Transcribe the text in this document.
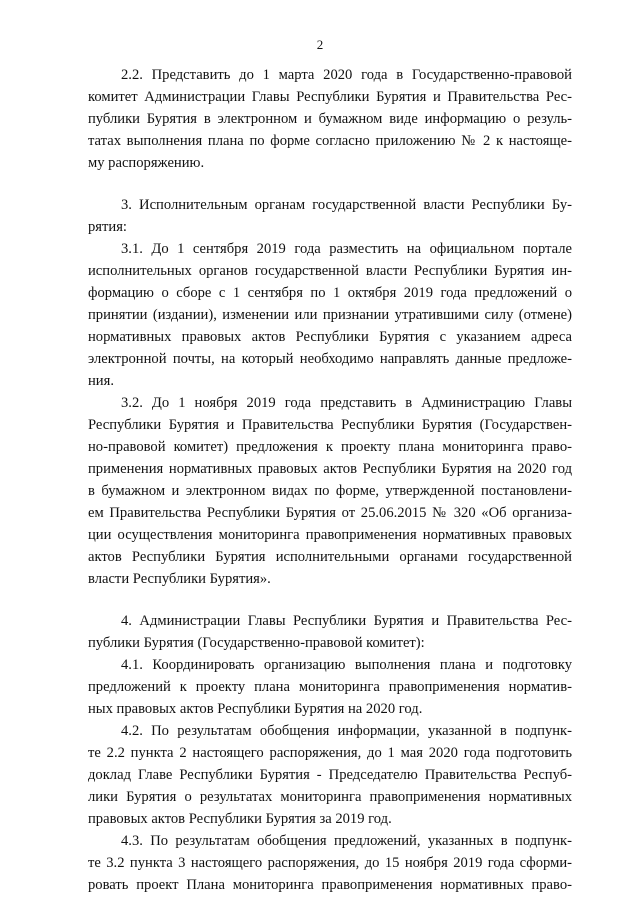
2
2.2. Представить до 1 марта 2020 года в Государственно-правовой
комитет Администрации Главы Республики Бурятия и Правительства Рес-
публики Бурятия в электронном и бумажном виде информацию о резуль-
татах выполнения плана по форме согласно приложению № 2 к настояще-
му распоряжению.
3. Исполнительным органам государственной власти Республики Бу-
рятия:
3.1. До 1 сентября 2019 года разместить на официальном портале
исполнительных органов государственной власти Республики Бурятия ин-
формацию о сборе с 1 сентября по 1 октября 2019 года предложений о
принятии (издании), изменении или признании утратившими силу (отмене)
нормативных правовых актов Республики Бурятия с указанием адреса
электронной почты, на который необходимо направлять данные предложе-
ния.
3.2. До 1 ноября 2019 года представить в Администрацию Главы
Республики Бурятия и Правительства Республики Бурятия (Государствен-
но-правовой комитет) предложения к проекту плана мониторинга право-
применения нормативных правовых актов Республики Бурятия на 2020 год
в бумажном и электронном видах по форме, утвержденной постановлени-
ем Правительства Республики Бурятия от 25.06.2015 № 320 «Об организа-
ции осуществления мониторинга правоприменения нормативных правовых
актов Республики Бурятия исполнительными органами государственной
власти Республики Бурятия».
4. Администрации Главы Республики Бурятия и Правительства Рес-
публики Бурятия (Государственно-правовой комитет):
4.1. Координировать организацию выполнения плана и подготовку
предложений к проекту плана мониторинга правоприменения норматив-
ных правовых актов Республики Бурятия на 2020 год.
4.2. По результатам обобщения информации, указанной в подпунк-
те 2.2 пункта 2 настоящего распоряжения, до 1 мая 2020 года подготовить
доклад Главе Республики Бурятия - Председателю Правительства Респуб-
лики Бурятия о результатах мониторинга правоприменения нормативных
правовых актов Республики Бурятия за 2019 год.
4.3. По результатам обобщения предложений, указанных в подпунк-
те 3.2 пункта 3 настоящего распоряжения, до 15 ноября 2019 года сформи-
ровать проект Плана мониторинга правоприменения нормативных право-
